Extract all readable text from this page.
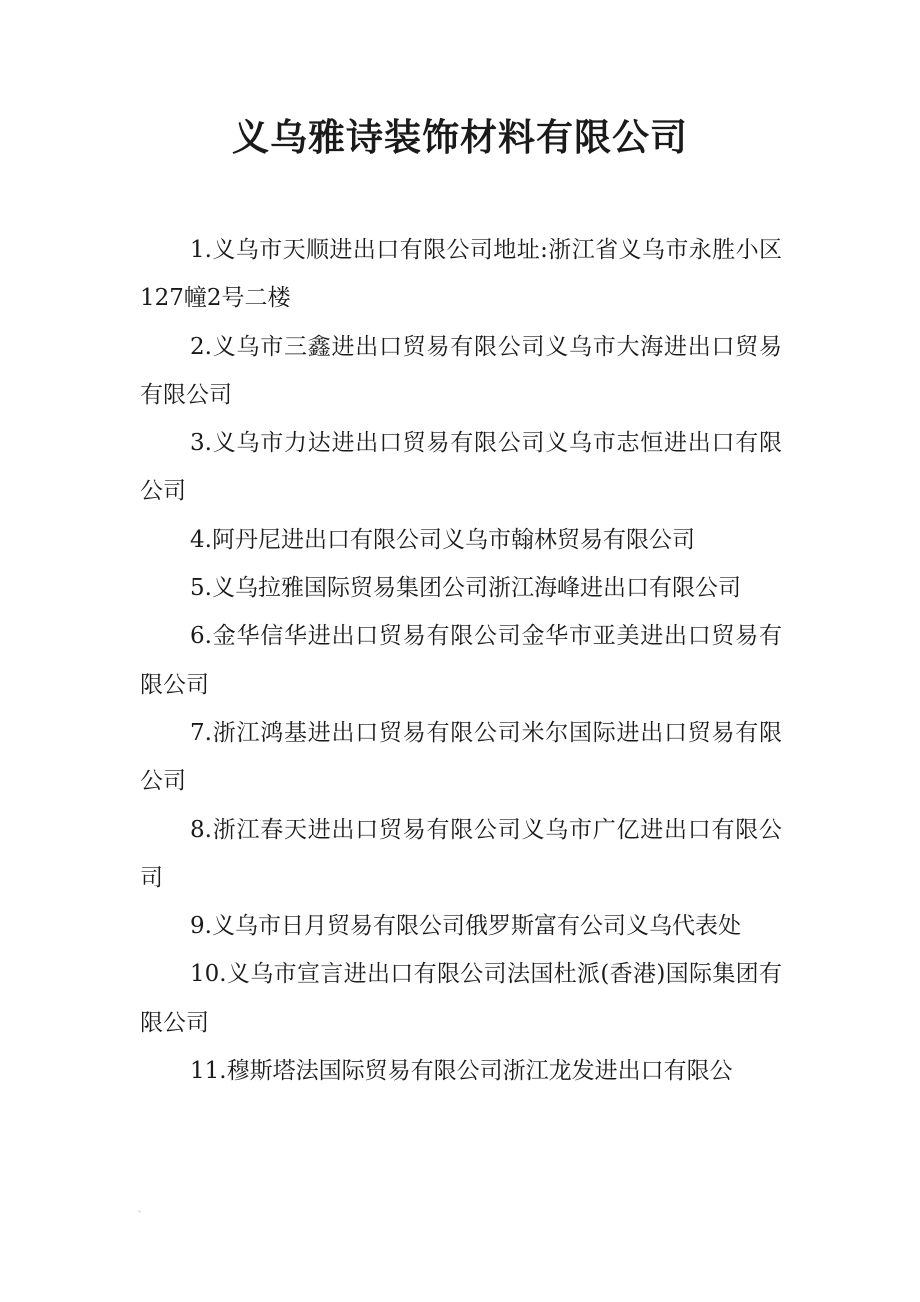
义乌雅诗装饰材料有限公司

1.义乌市天顺进出口有限公司地址:浙江省义乌市永胜小区127幢2号二楼

2.义乌市三鑫进出口贸易有限公司义乌市大海进出口贸易有限公司

3.义乌市力达进出口贸易有限公司义乌市志恒进出口有限公司

4.阿丹尼进出口有限公司义乌市翰林贸易有限公司

5.义乌拉雅国际贸易集团公司浙江海峰进出口有限公司

6.金华信华进出口贸易有限公司金华市亚美进出口贸易有限公司

7.浙江鸿基进出口贸易有限公司米尔国际进出口贸易有限公司

8.浙江春天进出口贸易有限公司义乌市广亿进出口有限公司

9.义乌市日月贸易有限公司俄罗斯富有公司义乌代表处

10.义乌市宣言进出口有限公司法国杜派(香港)国际集团有限公司

11.穆斯塔法国际贸易有限公司浙江龙发进出口有限公
